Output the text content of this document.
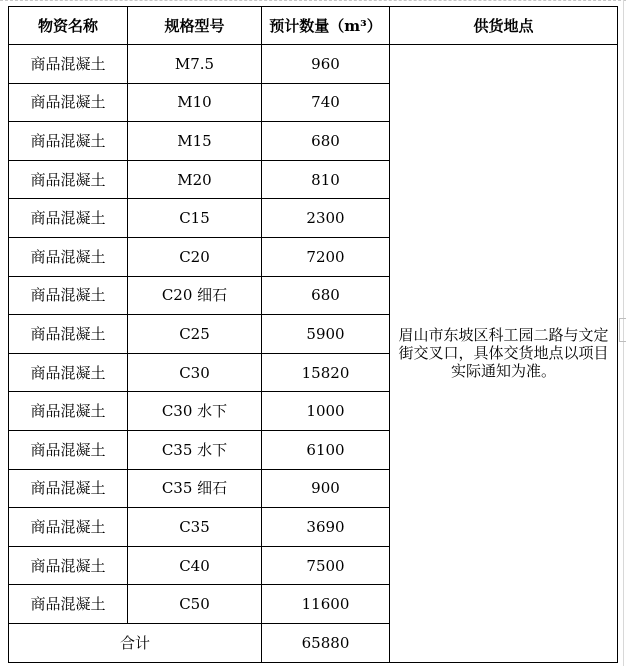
物资名称	规格型号	预计数量（m³）	供货地点
商品混凝土	M7.5	960	眉山市东坡区科工园二路与文定街交叉口，具体交货地点以项目实际通知为准。
商品混凝土	M10	740	
商品混凝土	M15	680	
商品混凝土	M20	810	
商品混凝土	C15	2300	
商品混凝土	C20	7200	
商品混凝土	C20 细石	680	
商品混凝土	C25	5900	
商品混凝土	C30	15820	
商品混凝土	C30 水下	1000	
商品混凝土	C35 水下	6100	
商品混凝土	C35 细石	900	
商品混凝土	C35	3690	
商品混凝土	C40	7500	
商品混凝土	C50	11600	
合计		65880	
